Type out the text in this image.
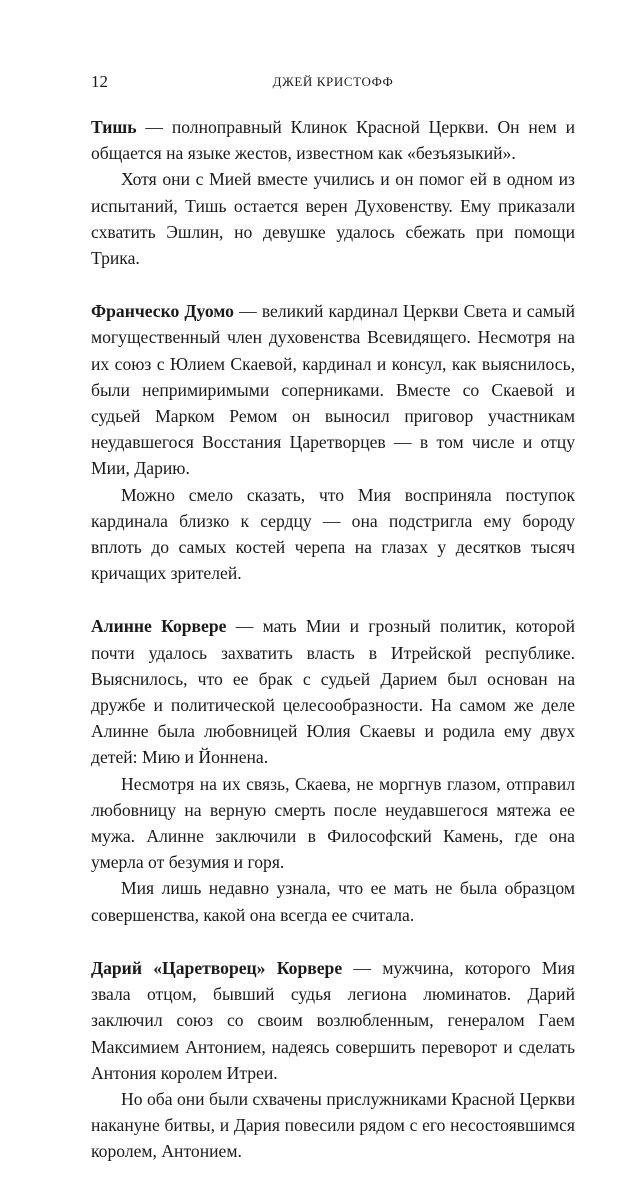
12	ДЖЕЙ КРИСТОФФ

Тишь — полноправный Клинок Красной Церкви. Он нем и общается на языке жестов, известном как «безъязыкий».

Хотя они с Мией вместе учились и он помог ей в одном из испытаний, Тишь остается верен Духовенству. Ему приказали схватить Эшлин, но девушке удалось сбежать при помощи Трика.

Франческо Дуомо — великий кардинал Церкви Света и самый могущественный член духовенства Всевидящего. Несмотря на их союз с Юлием Скаевой, кардинал и консул, как выяснилось, были непримиримыми соперниками. Вместе со Скаевой и судьей Марком Ремом он выносил приговор участникам неудавшегося Восстания Царетворцев — в том числе и отцу Мии, Дарию.

Можно смело сказать, что Мия восприняла поступок кардинала близко к сердцу — она подстригла ему бороду вплоть до самых костей черепа на глазах у десятков тысяч кричащих зрителей.

Алинне Корвере — мать Мии и грозный политик, которой почти удалось захватить власть в Итрейской республике. Выяснилось, что ее брак с судьей Дарием был основан на дружбе и политической целесообразности. На самом же деле Алинне была любовницей Юлия Скаевы и родила ему двух детей: Мию и Йоннена.

Несмотря на их связь, Скаева, не моргнув глазом, отправил любовницу на верную смерть после неудавшегося мятежа ее мужа. Алинне заключили в Философский Камень, где она умерла от безумия и горя.

Мия лишь недавно узнала, что ее мать не была образцом совершенства, какой она всегда ее считала.

Дарий «Царетворец» Корвере — мужчина, которого Мия звала отцом, бывший судья легиона люминатов. Дарий заключил союз со своим возлюбленным, генералом Гаем Максимием Антонием, надеясь совершить переворот и сделать Антония королем Итреи.

Но оба они были схвачены прислужниками Красной Церкви накануне битвы, и Дария повесили рядом с его несостоявшимся королем, Антонием.
